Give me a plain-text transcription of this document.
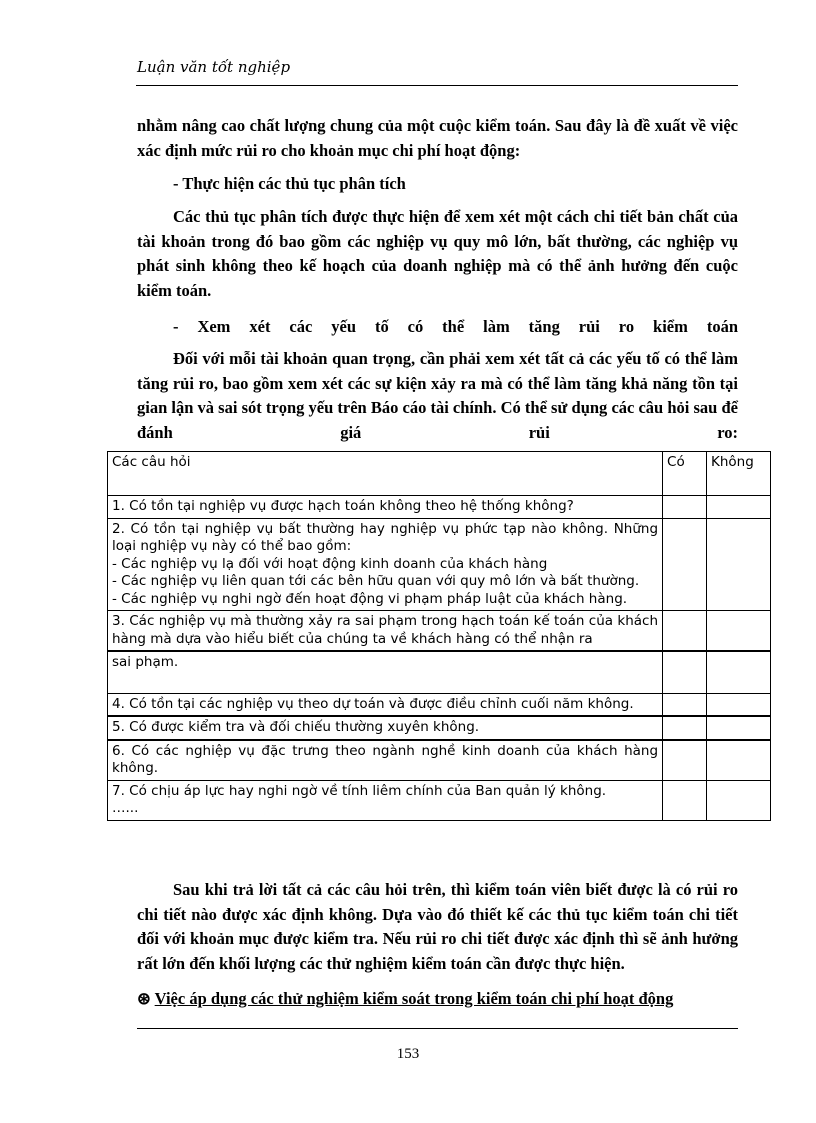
Luận văn tốt nghiệp
nhằm nâng cao chất lượng chung của một cuộc kiểm toán. Sau đây là đề xuất về việc xác định mức rủi ro cho khoản mục chi phí hoạt động:
- Thực hiện các thủ tục phân tích
Các thủ tục phân tích được thực hiện để xem xét một cách chi tiết bản chất của tài khoản trong đó bao gồm các nghiệp vụ quy mô lớn, bất thường, các nghiệp vụ phát sinh không theo kế hoạch của doanh nghiệp mà có thể ảnh hưởng đến cuộc kiểm toán.
- Xem xét các yếu tố có thể làm tăng rủi ro kiểm toán
Đối với mỗi tài khoản quan trọng, cần phải xem xét tất cả các yếu tố có thể làm tăng rủi ro, bao gồm xem xét các sự kiện xảy ra mà có thể làm tăng khả năng tồn tại gian lận và sai sót trọng yếu trên Báo cáo tài chính. Có thể sử dụng các câu hỏi sau để đánh giá rủi ro:
Các câu hỏi	Có	Không
1. Có tồn tại nghiệp vụ được hạch toán không theo hệ thống không?		
2. Có tồn tại nghiệp vụ bất thường hay nghiệp vụ phức tạp nào không. Những loại nghiệp vụ này có thể bao gồm:
- Các nghiệp vụ lạ đối với hoạt động kinh doanh của khách hàng
- Các nghiệp vụ liên quan tới các bên hữu quan với quy mô lớn và bất thường.
- Các nghiệp vụ nghi ngờ đến hoạt động vi phạm pháp luật của khách hàng.		
3. Các nghiệp vụ mà thường xảy ra sai phạm trong hạch toán kế toán của khách hàng mà dựa vào hiểu biết của chúng ta về khách hàng có thể nhận ra		
sai phạm.		
4. Có tồn tại các nghiệp vụ theo dự toán và được điều chỉnh cuối năm không.		
5. Có được kiểm tra và đối chiếu thường xuyên không.		
6. Có các nghiệp vụ đặc trưng theo ngành nghề kinh doanh của khách hàng không.		
7. Có chịu áp lực hay nghi ngờ về tính liêm chính của Ban quản lý không.
…...		
Sau khi trả lời tất cả các câu hỏi trên, thì kiểm toán viên biết được là có rủi ro chi tiết nào được xác định không. Dựa vào đó thiết kế các thủ tục kiểm toán chi tiết đối với khoản mục được kiểm tra. Nếu rủi ro chi tiết được xác định thì sẽ ảnh hưởng rất lớn đến khối lượng các thử nghiệm kiểm toán cần được thực hiện.
⊛ Việc áp dụng các thử nghiệm kiểm soát trong kiểm toán chi phí hoạt động
153
